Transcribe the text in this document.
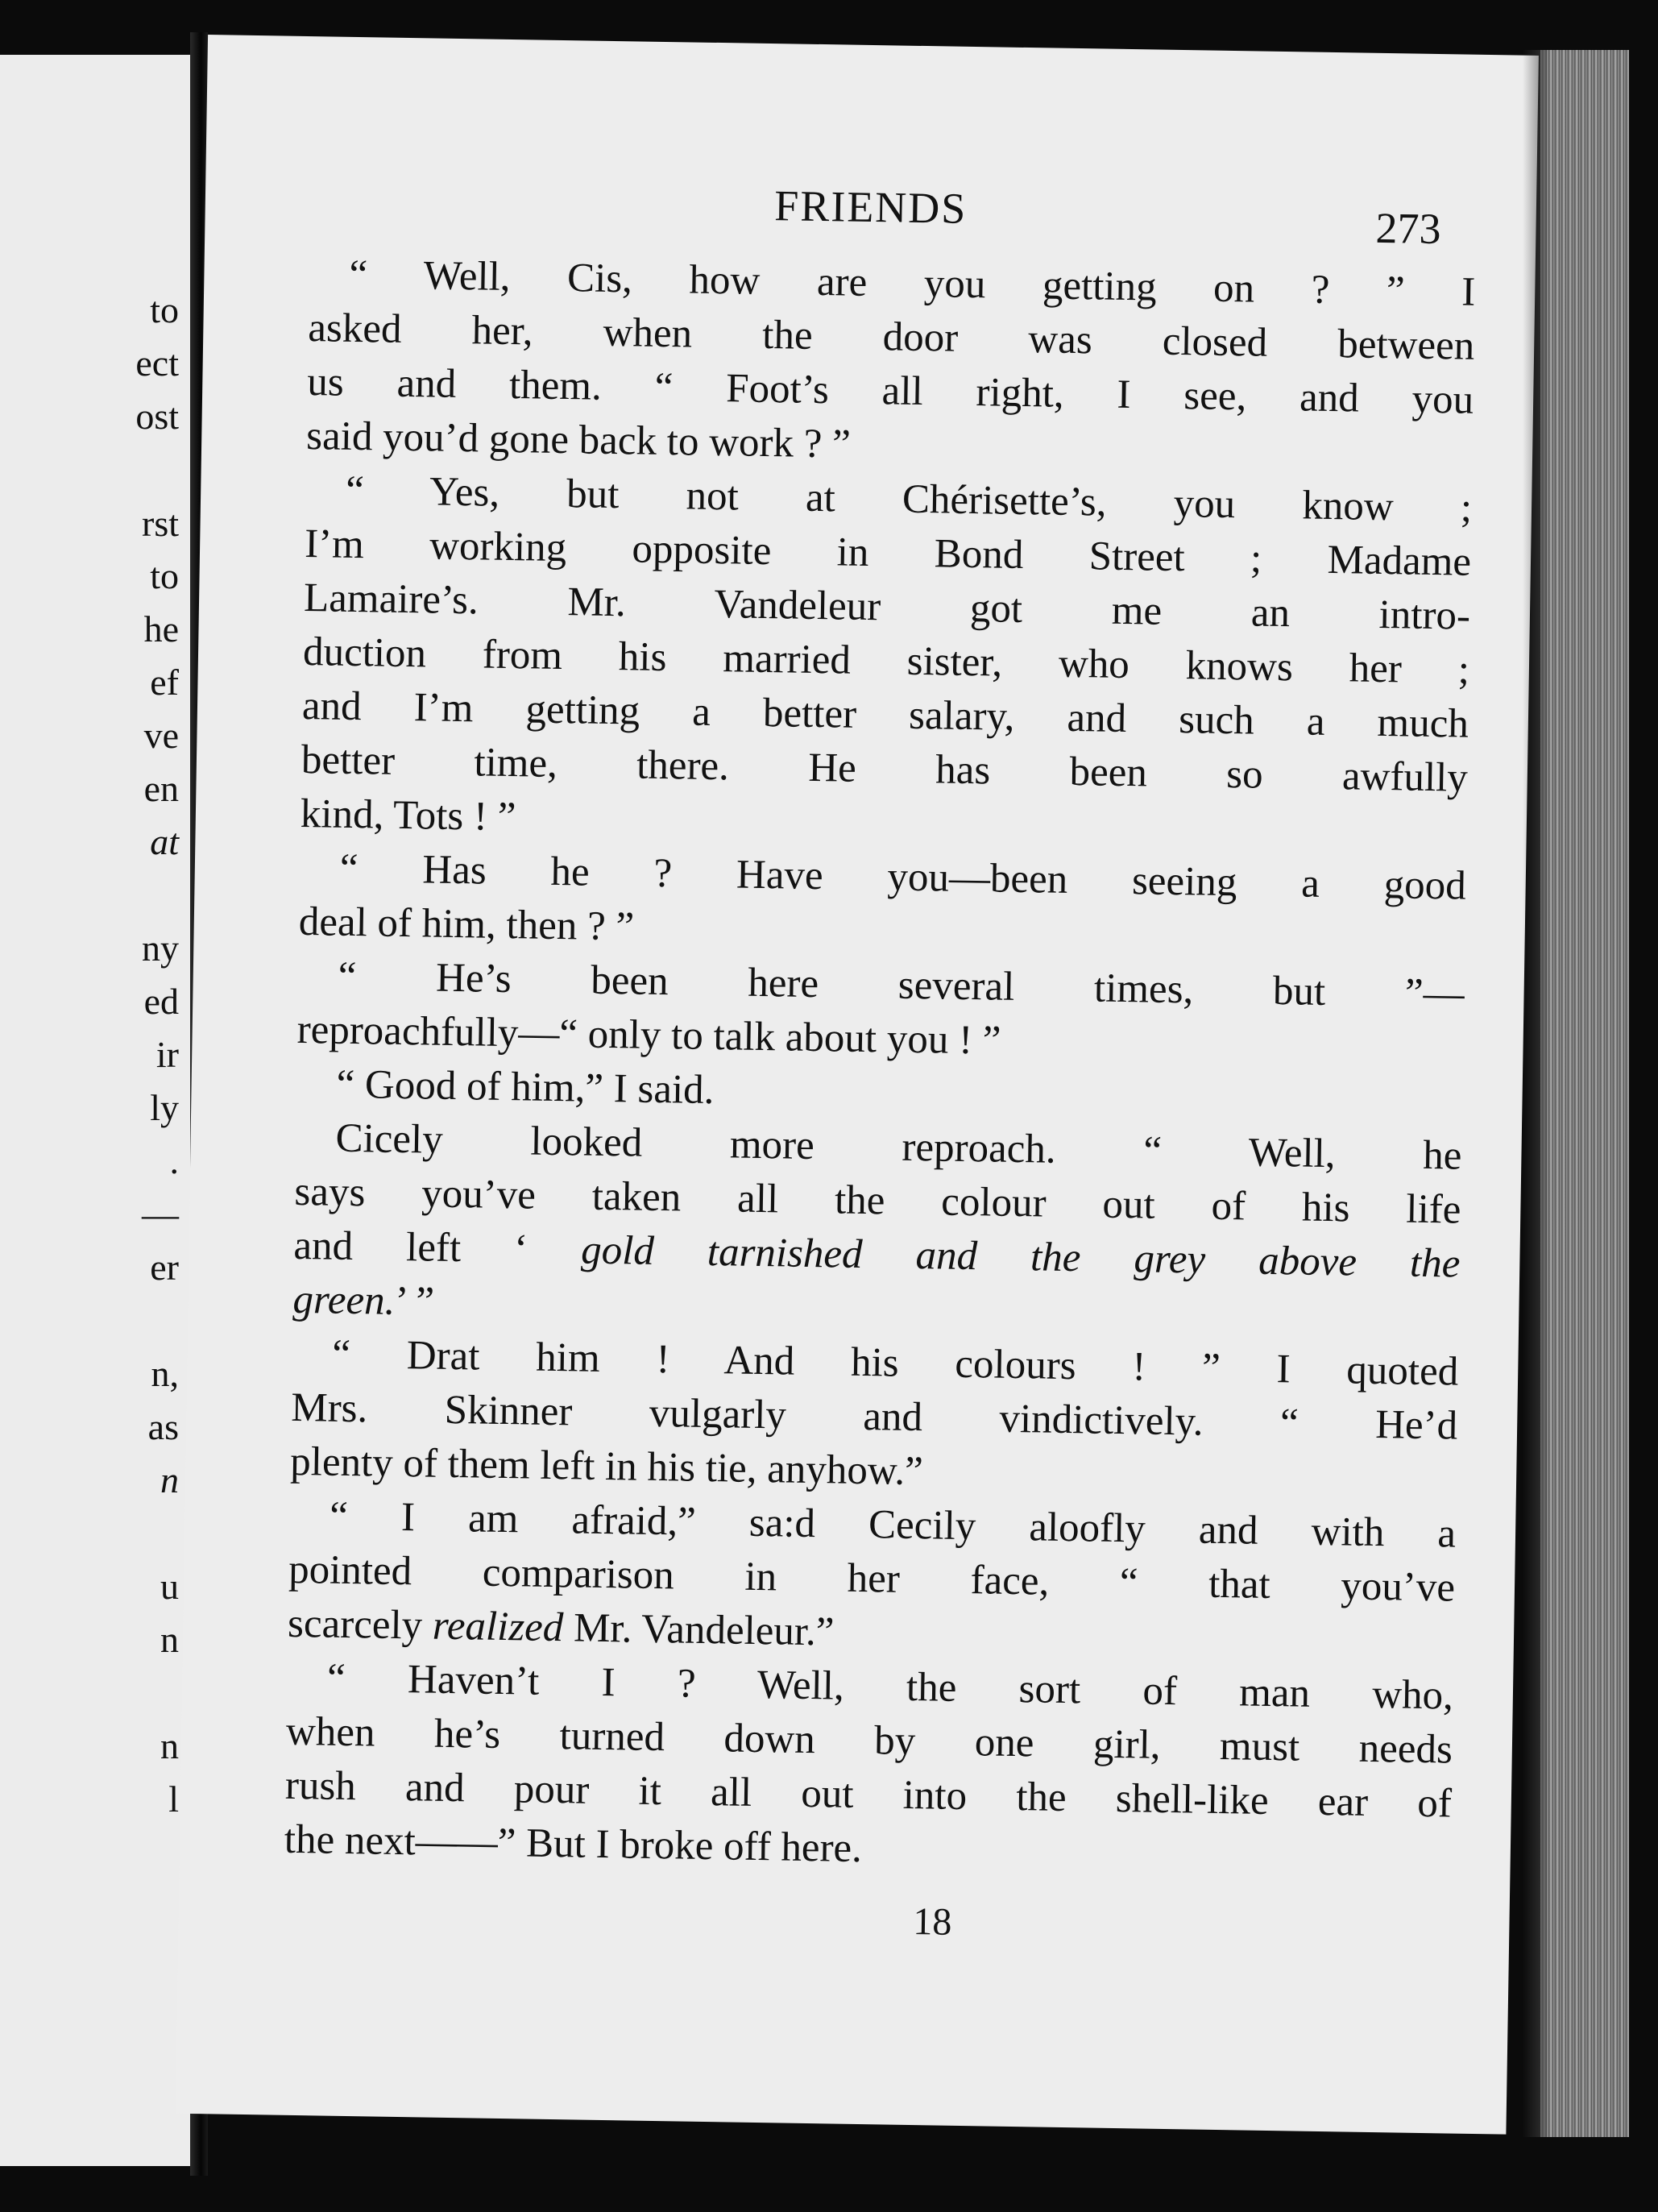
to
ect
ost
rst
to
he
ef
ve
en
at
ny
ed
ir
ly
.
—
er
n,
as
n
u
n
n
l
FRIENDS	273
“ Well, Cis, how are you getting on ? ” I
asked her, when the door was closed between
us and them. “ Foot’s all right, I see, and you
said you’d gone back to work ? ”
“ Yes, but not at Chérisette’s, you know ;
I’m working opposite in Bond Street ; Madame
Lamaire’s. Mr. Vandeleur got me an intro-
duction from his married sister, who knows her ;
and I’m getting a better salary, and such a much
better time, there. He has been so awfully
kind, Tots ! ”
“ Has he ? Have you—been seeing a good
deal of him, then ? ”
“ He’s been here several times, but ”—
reproachfully—“ only to talk about you ! ”
“ Good of him,” I said.
Cicely looked more reproach. “ Well, he
says you’ve taken all the colour out of his life
and left ‘ gold tarnished and the grey above the
green.’ ”
“ Drat him ! And his colours ! ” I quoted
Mrs. Skinner vulgarly and vindictively. “ He’d
plenty of them left in his tie, anyhow.”
“ I am afraid,” sa:d Cecily aloofly and with a
pointed comparison in her face, “ that you’ve
scarcely realized Mr. Vandeleur.”
“ Haven’t I ? Well, the sort of man who,
when he’s turned down by one girl, must needs
rush and pour it all out into the shell-like ear of
the next——” But I broke off here.
18
